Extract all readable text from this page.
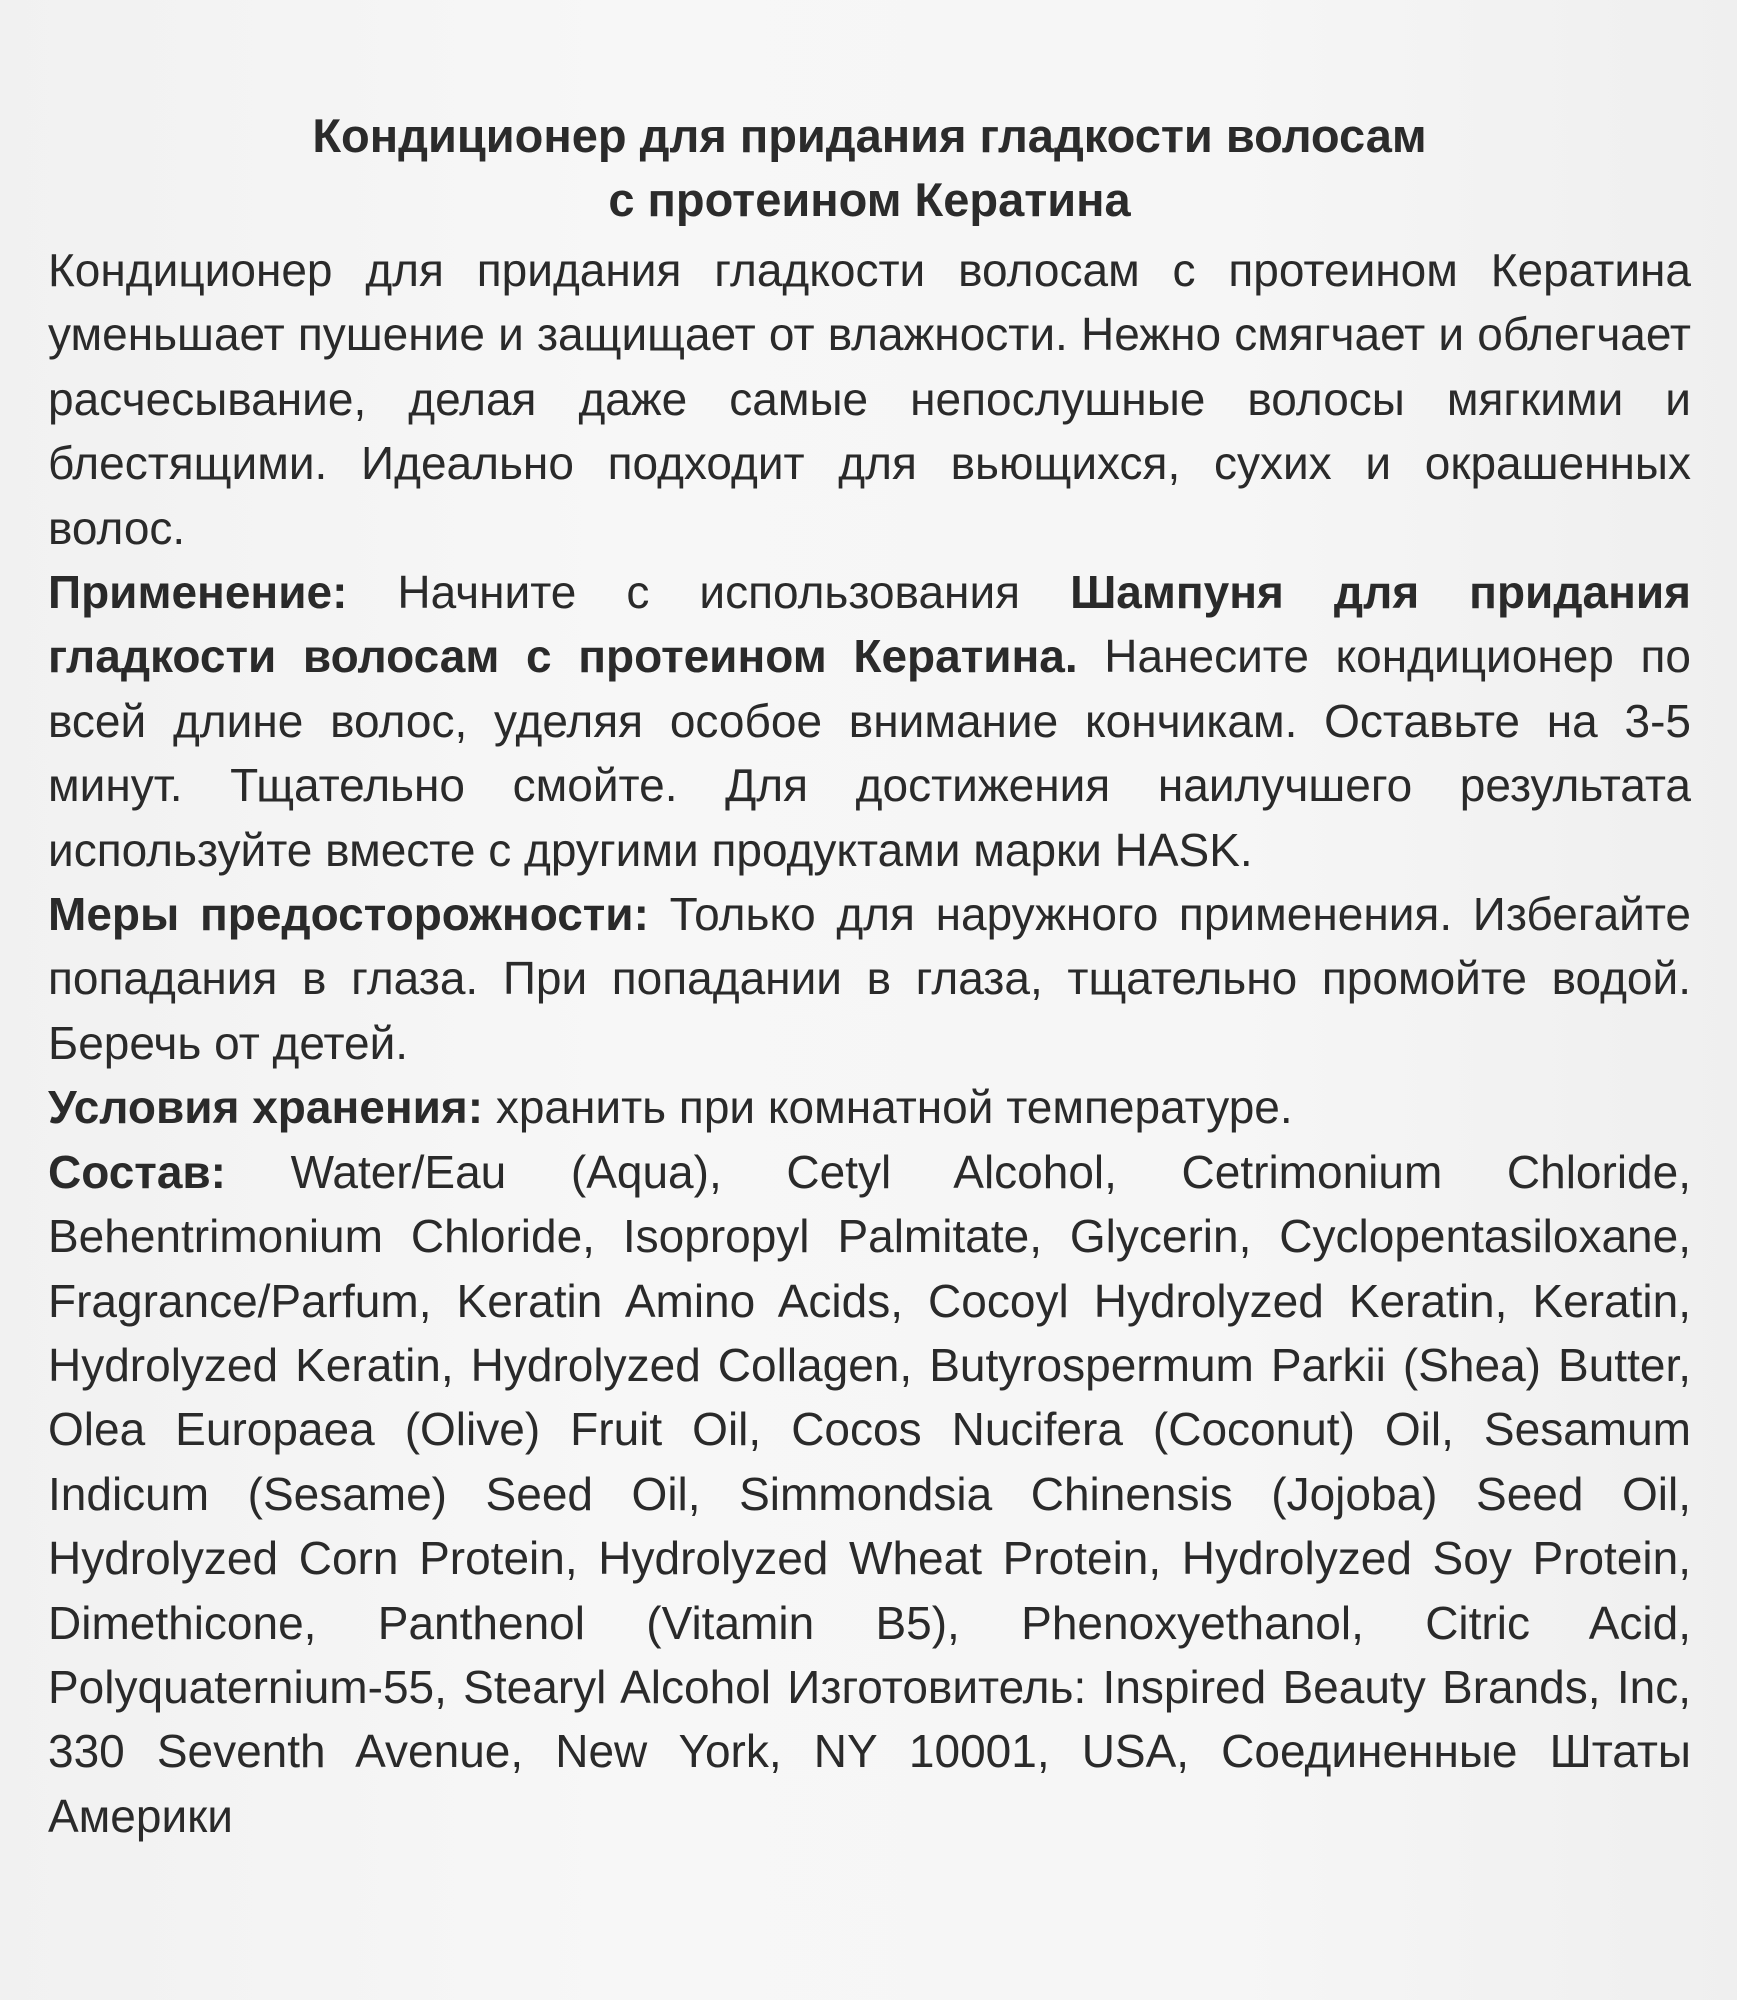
Кондиционер для придания гладкости волосам
с протеином Кератина

Кондиционер для придания гладкости волосам с протеином Кератина уменьшает пушение и защищает от влажности. Нежно смягчает и облегчает расчесывание, делая даже самые непослушные волосы мягкими и блестящими. Идеально подходит для вьющихся, сухих и окрашенных волос.

Применение: Начните с использования Шампуня для придания гладкости волосам с протеином Кератина. Нанесите кондиционер по всей длине волос, уделяя особое внимание кончикам. Оставьте на 3-5 минут. Тщательно смойте. Для достижения наилучшего результата используйте вместе с другими продуктами марки HASK.

Меры предосторожности: Только для наружного применения. Избегайте попадания в глаза. При попадании в глаза, тщательно промойте водой. Беречь от детей.

Условия хранения: хранить при комнатной температуре.

Состав: Water/Eau (Aqua), Cetyl Alcohol, Cetrimonium Chloride, Behentrimonium Chloride, Isopropyl Palmitate, Glycerin, Cyclopentasiloxane, Fragrance/Parfum, Keratin Amino Acids, Cocoyl Hydrolyzed Keratin, Keratin, Hydrolyzed Keratin, Hydrolyzed Collagen, Butyrospermum Parkii (Shea) Butter, Olea Europaea (Olive) Fruit Oil, Cocos Nucifera (Coconut) Oil, Sesamum Indicum (Sesame) Seed Oil, Simmondsia Chinensis (Jojoba) Seed Oil, Hydrolyzed Corn Protein, Hydrolyzed Wheat Protein, Hydrolyzed Soy Protein, Dimethicone, Panthenol (Vitamin B5), Phenoxyethanol, Citric Acid, Polyquaternium-55, Stearyl Alcohol Изготовитель: Inspired Beauty Brands, Inc, 330 Seventh Avenue, New York, NY 10001, USA, Соединенные Штаты Америки
